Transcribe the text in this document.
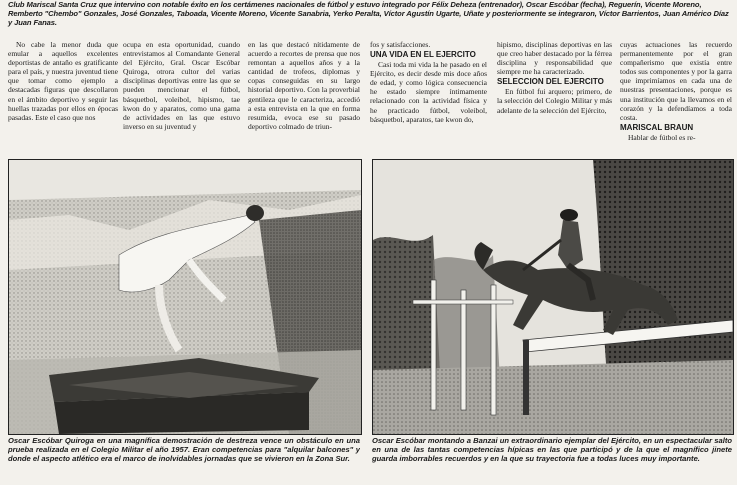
Club Mariscal Santa Cruz que intervino con notable éxito en los certámenes nacionales de fútbol y estuvo integrado por Félix Deheza (entrenador), Oscar Escóbar (fecha), Reguerín, Vicente Moreno, Remberto "Chembo" Gonzales, José Gonzales, Taboada, Vicente Moreno, Vicente Sanabria, Yerko Peralta, Víctor Agustín Ugarte, Uñate y posteriormente se integraron, Víctor Barrientos, Juan Américo Díaz y Juan Fanas.

No cabe la menor duda que emular a aquellos excelentes deportistas de antaño es gratificante para el país, y nuestra juventud tiene que tomar como ejemplo a destacadas figuras que descollaron en el ámbito deportivo y seguir las huellas trazadas por ellos en épocas pasadas. Este el caso que nos

ocupa en esta oportunidad, cuando entrevistamos al Comandante General del Ejército, Gral. Oscar Escóbar Quiroga, otrora cultor del varias disciplinas deportivas entre las que se pueden mencionar el fútbol, básquetbol, voleibol, hipismo, tae kwon do y aparatos, como una gama de actividades en las que estuvo inverso en su juventud y

en las que destacó nítidamente de acuerdo a recortes de prensa que nos remontan a aquellos años y a la cantidad de trofeos, diplomas y copas conseguidas en su largo historial deportivo. Con la proverbial gentileza que le caracteriza, accedió a esta entrevista en la que en forma resumida, evoca ese su pasado deportivo colmado de triun-

fos y satisfacciones.

UNA VIDA EN EL EJERCITO

Casi toda mi vida la he pasado en el Ejército, es decir desde mis doce años de edad, y como lógica consecuencia he estado siempre íntimamente relacionado con la actividad física y he practicado fútbol, voleibol, básquetbol, aparatos, tae kwon do,

hipismo, disciplinas deportivas en las que creo haber destacado por la férrea disciplina y responsabilidad que siempre me ha caracterizado.

SELECCION DEL EJERCITO

En fútbol fui arquero; primero, de la selección del Colegio Militar y más adelante de la selección del Ejército,

cuyas actuaciones las recuerdo permanentemente por el gran compañerismo que existía entre todos sus componentes y por la garra que imprimíamos en cada una de nuestras presentaciones, porque es una institución que la llevamos en el corazón y la defendíamos a toda costa.

MARISCAL BRAUN

Hablar de fútbol es re-

Oscar Escóbar Quiroga en una magnífica demostración de destreza vence un obstáculo en una prueba realizada en el Colegio Militar el año 1957. Eran competencias para "alquilar balcones" y donde el aspecto atlético era el marco de inolvidables jornadas que se vivieron en la Zona Sur.
Oscar Escóbar montando a Banzai un extraordinario ejemplar del Ejército, en un espectacular salto en una de las tantas competencias hípicas en las que participó y de la que el magnífico jinete guarda imborrables recuerdos y en la que su trayectoria fue a todas luces muy importante.
